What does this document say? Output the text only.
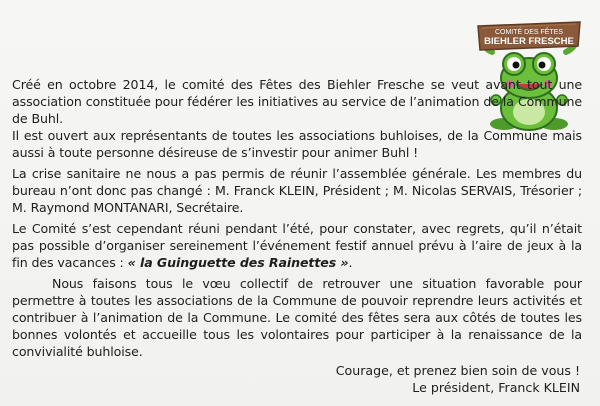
COMITÉ DES FÊTES
BIEHLER FRESCHE

Créé en octobre 2014, le comité des Fêtes des Biehler Fresche se veut avant tout une association constituée pour fédérer les initiatives au service de l’animation de la Commune de Buhl.

Il est ouvert aux représentants de toutes les associations buhloises, de la Commune mais aussi à toute personne désireuse de s’investir pour animer Buhl !

La crise sanitaire ne nous a pas permis de réunir l’assemblée générale. Les membres du bureau n’ont donc pas changé : M. Franck KLEIN, Président ; M. Nicolas SERVAIS, Trésorier ; M. Raymond MONTANARI, Secrétaire.

Le Comité s’est cependant réuni pendant l’été, pour constater, avec regrets, qu’il n’était pas possible d’organiser sereinement l’événement festif annuel prévu à l’aire de jeux à la fin des vacances : « la Guinguette des Rainettes ».

Nous faisons tous le vœu collectif de retrouver une situation favorable pour permettre à toutes les associations de la Commune de pouvoir reprendre leurs activités et contribuer à l’animation de la Commune. Le comité des fêtes sera aux côtés de toutes les bonnes volontés et accueille tous les volontaires pour participer à la renaissance de la convivialité buhloise.

Courage, et prenez bien soin de vous !
Le président, Franck KLEIN
